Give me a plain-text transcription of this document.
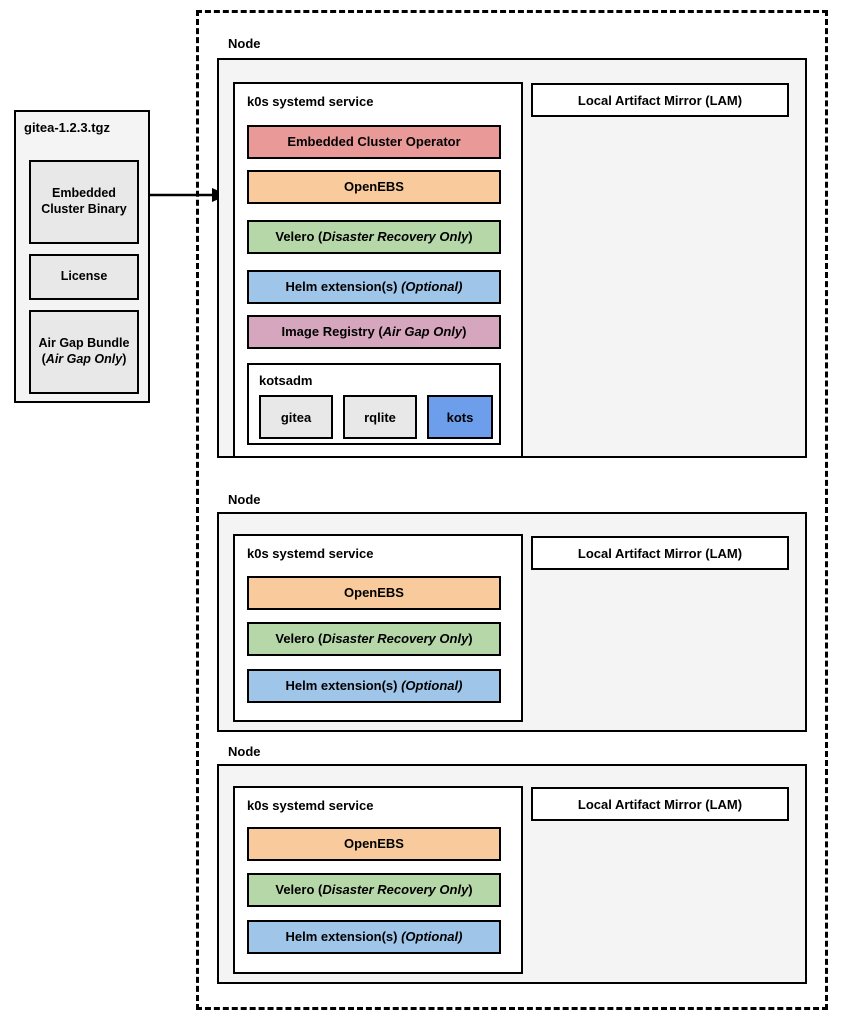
gitea-1.2.3.tgz
Embedded Cluster Binary
License
Air Gap Bundle (Air Gap Only)
Node
k0s systemd service	Local Artifact Mirror (LAM)
Embedded Cluster Operator
OpenEBS
Velero (Disaster Recovery Only)
Helm extension(s) (Optional)
Image Registry (Air Gap Only)
kotsadm
gitea	rqlite	kots
Node
k0s systemd service	Local Artifact Mirror (LAM)
OpenEBS
Velero (Disaster Recovery Only)
Helm extension(s) (Optional)
Node
k0s systemd service	Local Artifact Mirror (LAM)
OpenEBS
Velero (Disaster Recovery Only)
Helm extension(s) (Optional)
